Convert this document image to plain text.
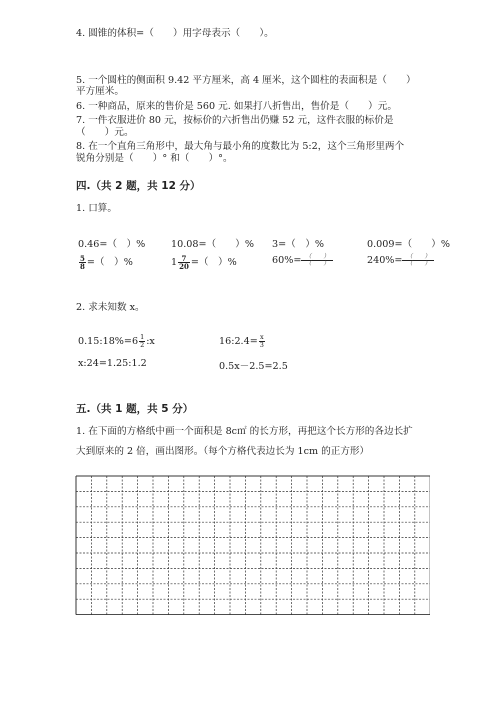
4. 圆锥的体积=（　　）用字母表示（　　）。
5. 一个圆柱的侧面积 9.42 平方厘米，高 4 厘米，这个圆柱的表面积是（　　）
平方厘米。
6. 一种商品，原来的售价是 560 元. 如果打八折售出，售价是（　　）元。
7. 一件衣服进价 80 元，按标价的六折售出仍赚 52 元，这件衣服的标价是
（　　）元。
8. 在一个直角三角形中，最大角与最小角的度数比为 5:2，这个三角形里两个
锐角分别是（　　）° 和（　　）°。
四.（共 2 题，共 12 分）
1. 口算。
0.46=（　）%	10.08=（　　）% 3=（　）%	0.009=（　　）%
$\frac{5}{8}$ =（　）%	$1 \frac{7}{20}$ =（　）%	$60\%= \frac{( )}{( )}$	$240\%= \frac{( )}{( )}$
2. 求未知数 x。
0.15:18%=6 $\frac{1}{2}$ :x	16:2.4= $\frac{x}{3}$
x:24=1.25:1.2	0.5x－2.5=2.5
五.（共 1 题，共 5 分）
1. 在下面的方格纸中画一个面积是 8c㎡ 的长方形，再把这个长方形的各边长扩
大到原来的 2 倍，画出图形。（每个方格代表边长为 1cm 的正方形）
